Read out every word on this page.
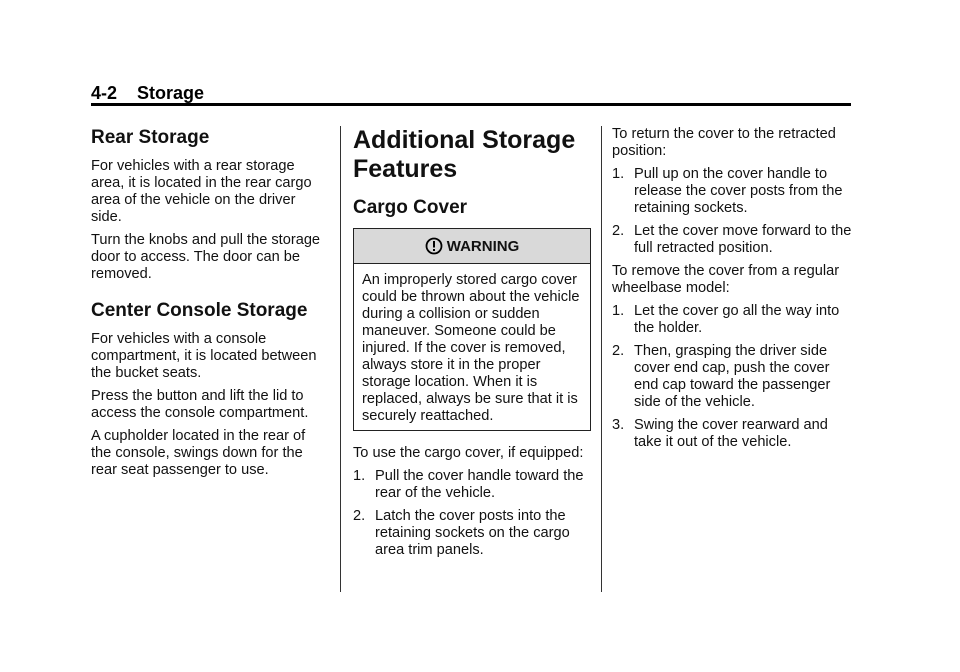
4-2 Storage
Rear Storage

For vehicles with a rear storage area, it is located in the rear cargo area of the vehicle on the driver side.

Turn the knobs and pull the storage door to access. The door can be removed.

Center Console Storage

For vehicles with a console compartment, it is located between the bucket seats.

Press the button and lift the lid to access the console compartment.

A cupholder located in the rear of the console, swings down for the rear seat passenger to use.

Additional Storage Features
Cargo Cover
WARNING

An improperly stored cargo cover could be thrown about the vehicle during a collision or sudden maneuver. Someone could be injured. If the cover is removed, always store it in the proper storage location. When it is replaced, always be sure that it is securely reattached.

To use the cargo cover, if equipped:

1. Pull the cover handle toward the rear of the vehicle.
2. Latch the cover posts into the retaining sockets on the cargo area trim panels.

To return the cover to the retracted position:

1. Pull up on the cover handle to release the cover posts from the retaining sockets.
2. Let the cover move forward to the full retracted position.

To remove the cover from a regular wheelbase model:

1. Let the cover go all the way into the holder.
2. Then, grasping the driver side cover end cap, push the cover end cap toward the passenger side of the vehicle.
3. Swing the cover rearward and take it out of the vehicle.
